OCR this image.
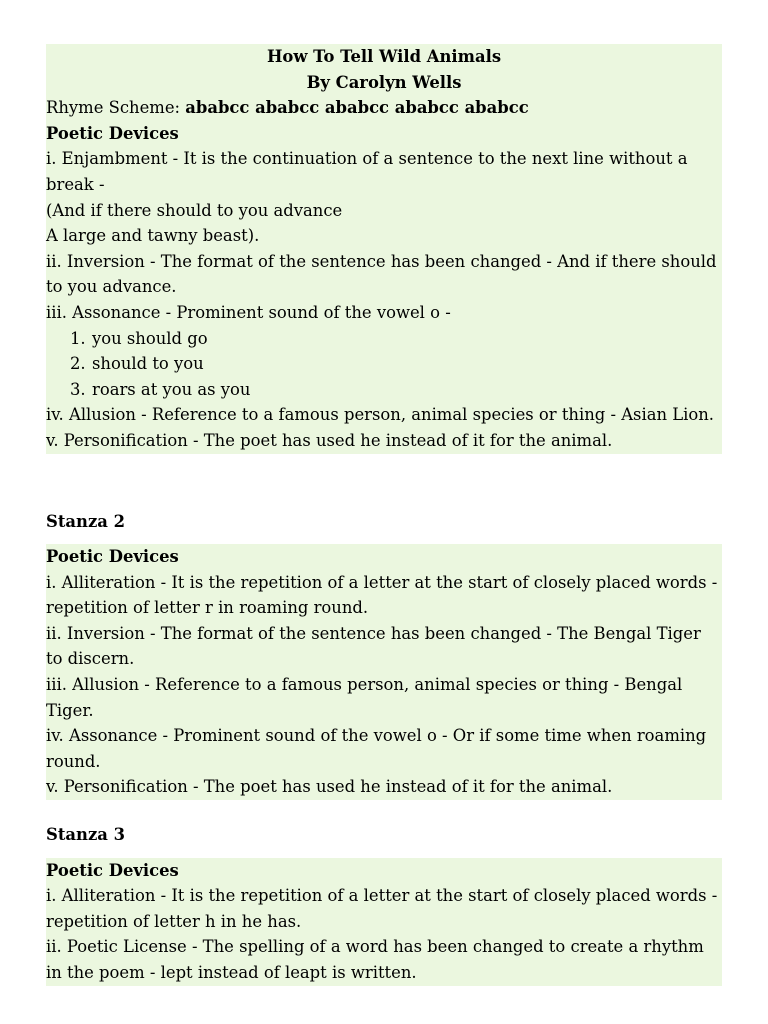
How To Tell Wild Animals
By Carolyn Wells
Rhyme Scheme: ababcc ababcc ababcc ababcc ababcc
Poetic Devices
i. Enjambment - It is the continuation of a sentence to the next line without a break -
(And if there should to you advance
A large and tawny beast).
ii. Inversion - The format of the sentence has been changed - And if there should to you advance.
iii. Assonance - Prominent sound of the vowel o -
1. you should go
2. should to you
3. roars at you as you
iv. Allusion - Reference to a famous person, animal species or thing - Asian Lion.
v. Personification - The poet has used he instead of it for the animal.
Stanza 2
Poetic Devices
i. Alliteration - It is the repetition of a letter at the start of closely placed words - repetition of letter r in roaming round.
ii. Inversion - The format of the sentence has been changed - The Bengal Tiger to discern.
iii. Allusion - Reference to a famous person, animal species or thing - Bengal Tiger.
iv. Assonance - Prominent sound of the vowel o - Or if some time when roaming round.
v. Personification - The poet has used he instead of it for the animal.
Stanza 3
Poetic Devices
i. Alliteration - It is the repetition of a letter at the start of closely placed words - repetition of letter h in he has.
ii. Poetic License - The spelling of a word has been changed to create a rhythm in the poem - lept instead of leapt is written.
